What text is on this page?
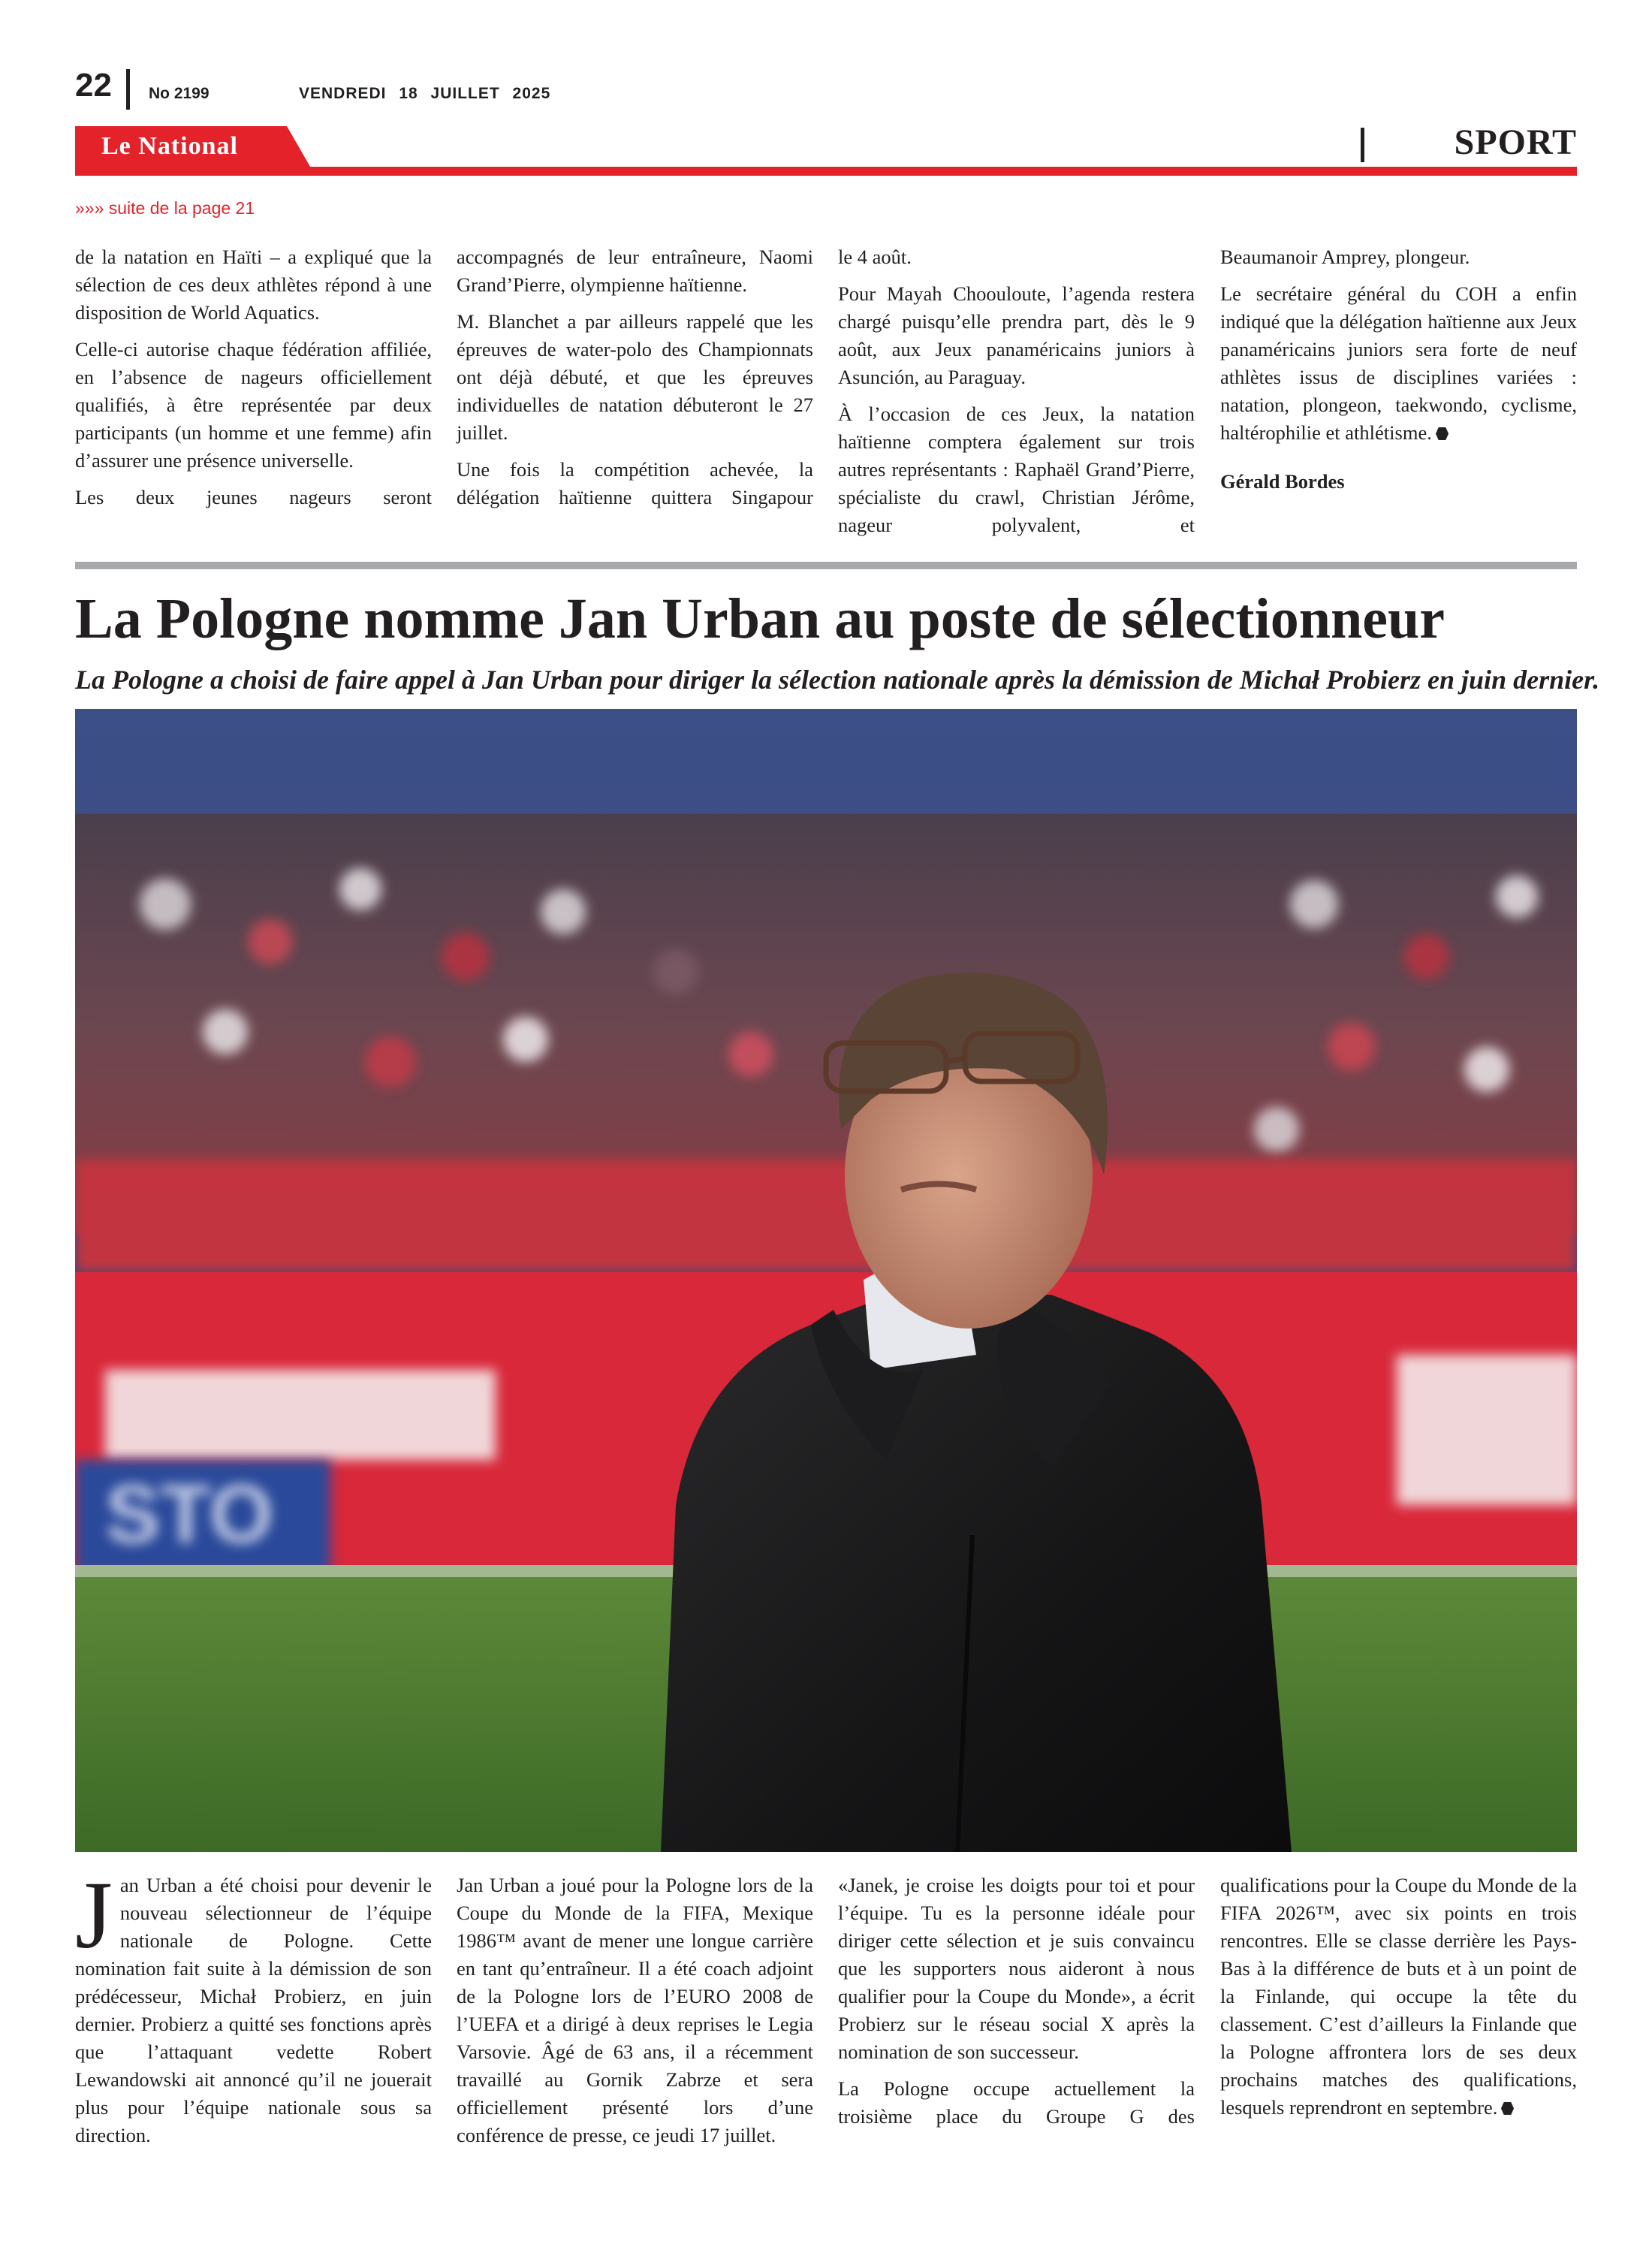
22 No 2199	VENDREDI 18 JUILLET 2025
Le National	SPORT
»»» suite de la page 21

de la natation en Haïti – a expliqué que la sélection de ces deux athlètes répond à une disposition de World Aquatics.

Celle-ci autorise chaque fédération affiliée, en l’absence de nageurs officiellement qualifiés, à être représentée par deux participants (un homme et une femme) afin d’assurer une présence universelle.

Les deux jeunes nageurs seront

accompagnés de leur entraîneure, Naomi Grand’Pierre, olympienne haïtienne.

M. Blanchet a par ailleurs rappelé que les épreuves de water-polo des Championnats ont déjà débuté, et que les épreuves individuelles de natation débuteront le 27 juillet.

Une fois la compétition achevée, la délégation haïtienne quittera Singapour

le 4 août.

Pour Mayah Choouloute, l’agenda restera chargé puisqu’elle prendra part, dès le 9 août, aux Jeux panaméricains juniors à Asunción, au Paraguay.

À l’occasion de ces Jeux, la natation haïtienne comptera également sur trois autres représentants : Raphaël Grand’Pierre, spécialiste du crawl, Christian Jérôme, nageur polyvalent, et

Beaumanoir Amprey, plongeur.

Le secrétaire général du COH a enfin indiqué que la délégation haïtienne aux Jeux panaméricains juniors sera forte de neuf athlètes issus de disciplines variées : natation, plongeon, taekwondo, cyclisme, haltérophilie et athlétisme.

Gérald Bordes

La Pologne nomme Jan Urban au poste de sélectionneur
La Pologne a choisi de faire appel à Jan Urban pour diriger la sélection nationale après la démission de Michał Probierz en juin dernier.
STO

Jan Urban a été choisi pour devenir le nouveau sélectionneur de l’équipe nationale de Pologne. Cette nomination fait suite à la démission de son prédécesseur, Michał Probierz, en juin dernier. Probierz a quitté ses fonctions après que l’attaquant vedette Robert Lewandowski ait annoncé qu’il ne jouerait plus pour l’équipe nationale sous sa direction.

Jan Urban a joué pour la Pologne lors de la Coupe du Monde de la FIFA, Mexique 1986™ avant de mener une longue carrière en tant qu’entraîneur. Il a été coach adjoint de la Pologne lors de l’EURO 2008 de l’UEFA et a dirigé à deux reprises le Legia Varsovie. Âgé de 63 ans, il a récemment travaillé au Gornik Zabrze et sera officiellement présenté lors d’une conférence de presse, ce jeudi 17 juillet.

«Janek, je croise les doigts pour toi et pour l’équipe. Tu es la personne idéale pour diriger cette sélection et je suis convaincu que les supporters nous aideront à nous qualifier pour la Coupe du Monde», a écrit Probierz sur le réseau social X après la nomination de son successeur.

La Pologne occupe actuellement la troisième place du Groupe G des

qualifications pour la Coupe du Monde de la FIFA 2026™, avec six points en trois rencontres. Elle se classe derrière les Pays-Bas à la différence de buts et à un point de la Finlande, qui occupe la tête du classement. C’est d’ailleurs la Finlande que la Pologne affrontera lors de ses deux prochains matches des qualifications, lesquels reprendront en septembre.
